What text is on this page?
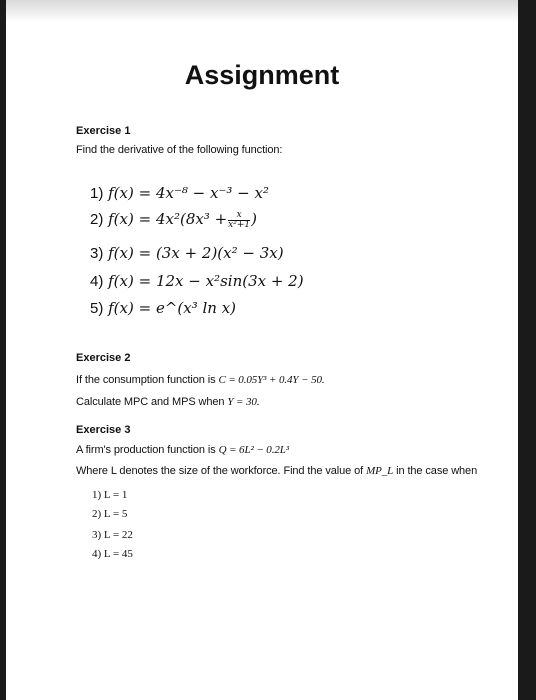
Assignment
Exercise 1
Find the derivative of the following function:
1) f(x) = 4x⁻⁸ − x⁻³ − x²
2) $f(x) = 4x^2(8x^3 + \frac{x}{\text{x²+1}}$ )
3) f(x) = (3x + 2)(x² − 3x)
4) f(x) = 12x − x²sin(3x + 2)
5) f(x) = e^(x³ ln x)
Exercise 2
If the consumption function is C = 0.05Y³ + 0.4Y − 50.
Calculate MPC and MPS when Y = 30.
Exercise 3
A firm's production function is Q = 6L² − 0.2L³
Where L denotes the size of the workforce. Find the value of MP_L in the case when
1) L = 1
2) L = 5
3) L = 22
4) L = 45
